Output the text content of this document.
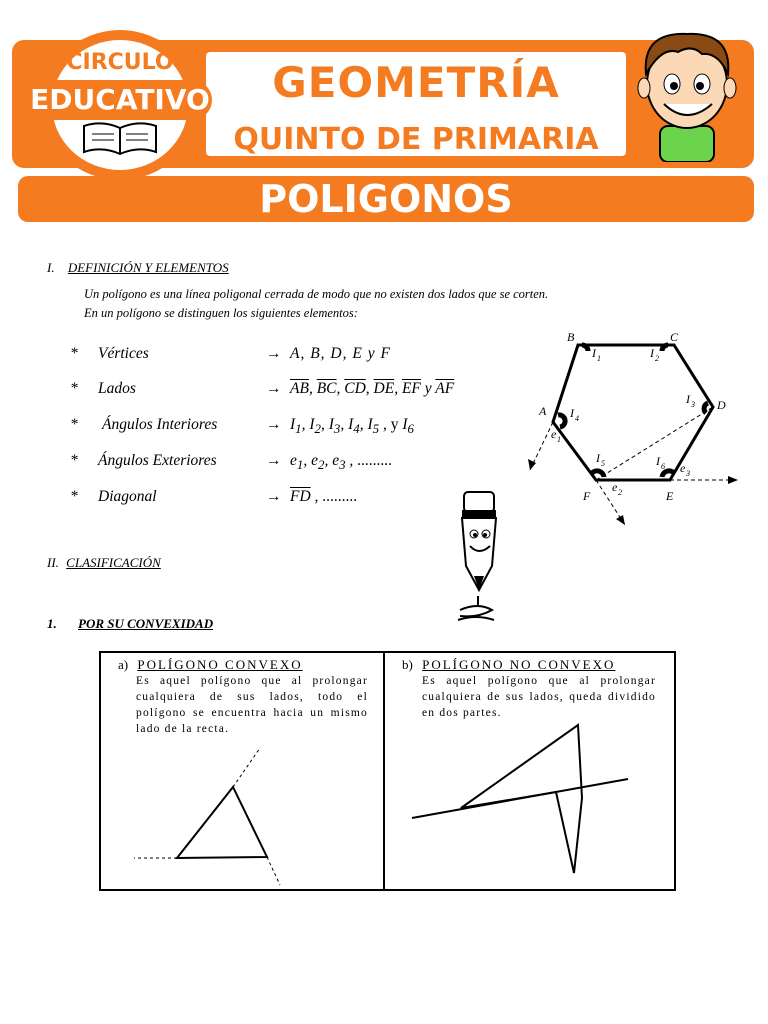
GEOMETRÍA
QUINTO DE PRIMARIA
CIRCULO
EDUCATIVO
POLIGONOS
I. DEFINICIÓN Y ELEMENTOS
Un polígono es una línea poligonal cerrada de modo que no existen dos lados que se corten.
En un polígono se distinguen los siguientes elementos:
* Vértices	→ A, B, D, E y F
* Lados	→ $\overline{AB}$, $\overline{BC}$, $\overline{CD}$, $\overline{DE}$, $\overline{EF}$ y $\overline{AF}$
* Ángulos Interiores	→ $I_1$, $I_2$, $I_3$, $I_4$, $I_5$ , y $I_6$
* Ángulos Exteriores	→ $e_1$, $e_2$, $e_3$ , .........
* Diagonal	→ $\overline{FD}$ , .........
B	C
D
A
F	E
I 1	I 2
I 3
I 4
I 5	I 6
e 1
e 2
e 3
II. CLASIFICACIÓN
1. POR SU CONVEXIDAD
a) POLÍGONO CONVEXO
Es aquel polígono que al prolongar cualquiera de sus lados, todo el polígono se encuentra hacia un mismo lado de la recta.
b) POLÍGONO NO CONVEXO
Es aquel polígono que al prolongar cualquiera de sus lados, queda dividido en dos partes.
